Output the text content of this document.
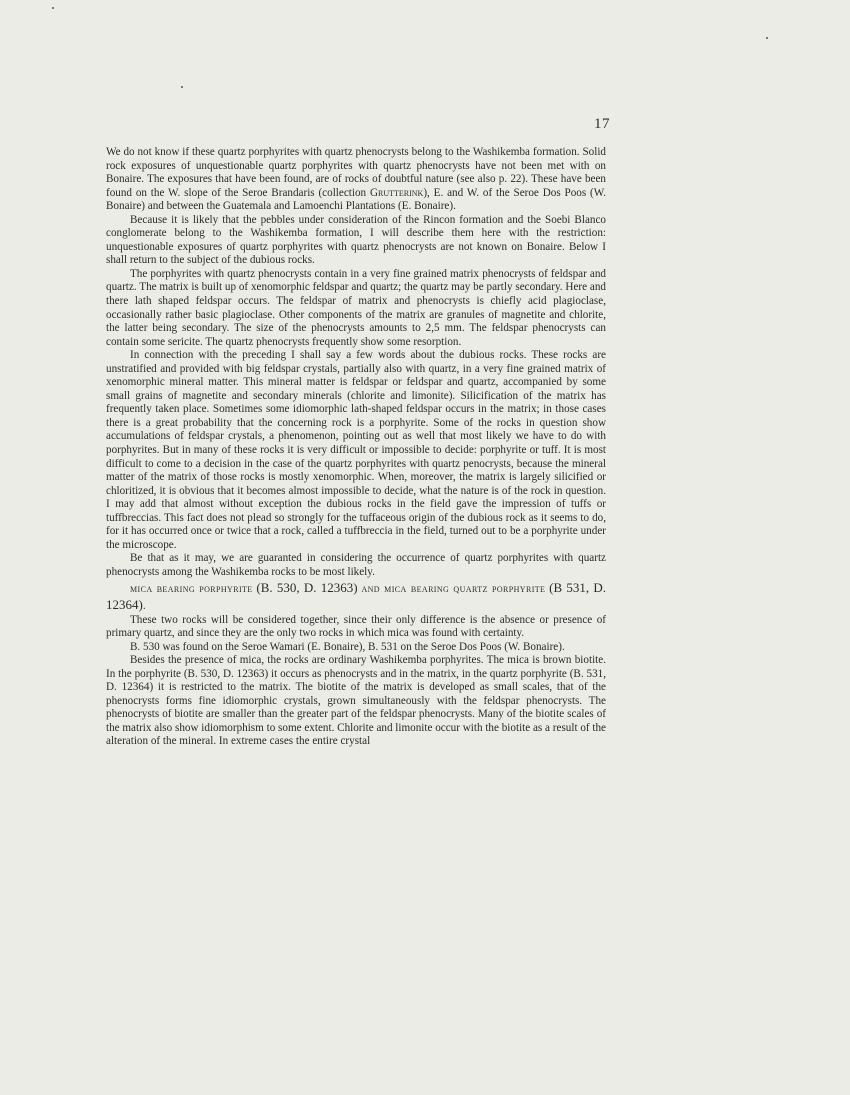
17

We do not know if these quartz porphyrites with quartz phenocrysts belong to the Washikemba formation. Solid rock exposures of unquestionable quartz porphyrites with quartz phenocrysts have not been met with on Bonaire. The exposures that have been found, are of rocks of doubtful nature (see also p. 22). These have been found on the W. slope of the Seroe Brandaris (collection Grutterink), E. and W. of the Seroe Dos Poos (W. Bonaire) and between the Guatemala and Lamoenchi Plantations (E. Bonaire).

Because it is likely that the pebbles under consideration of the Rincon formation and the Soebi Blanco conglomerate belong to the Washikemba formation, I will describe them here with the restriction: unquestionable exposures of quartz porphyrites with quartz phenocrysts are not known on Bonaire. Below I shall return to the subject of the dubious rocks.

The porphyrites with quartz phenocrysts contain in a very fine grained matrix phenocrysts of feldspar and quartz. The matrix is built up of xenomorphic feldspar and quartz; the quartz may be partly secondary. Here and there lath shaped feldspar occurs. The feldspar of matrix and phenocrysts is chiefly acid plagioclase, occasionally rather basic plagioclase. Other components of the matrix are granules of magnetite and chlorite, the latter being secondary. The size of the phenocrysts amounts to 2,5 mm. The feldspar phenocrysts can contain some sericite. The quartz phenocrysts frequently show some resorption.

In connection with the preceding I shall say a few words about the dubious rocks. These rocks are unstratified and provided with big feldspar crystals, partially also with quartz, in a very fine grained matrix of xenomorphic mineral matter. This mineral matter is feldspar or feldspar and quartz, accompanied by some small grains of magnetite and secondary minerals (chlorite and limonite). Silicification of the matrix has frequently taken place. Sometimes some idiomorphic lath-shaped feldspar occurs in the matrix; in those cases there is a great probability that the concerning rock is a porphyrite. Some of the rocks in question show accumulations of feldspar crystals, a phenomenon, pointing out as well that most likely we have to do with porphyrites. But in many of these rocks it is very difficult or impossible to decide: porphyrite or tuff. It is most difficult to come to a decision in the case of the quartz porphyrites with quartz penocrysts, because the mineral matter of the matrix of those rocks is mostly xenomorphic. When, moreover, the matrix is largely silicified or chloritized, it is obvious that it becomes almost impossible to decide, what the nature is of the rock in question. I may add that almost without exception the dubious rocks in the field gave the impression of tuffs or tuffbreccias. This fact does not plead so strongly for the tuffaceous origin of the dubious rock as it seems to do, for it has occurred once or twice that a rock, called a tuffbreccia in the field, turned out to be a porphyrite under the microscope.

Be that as it may, we are guaranted in considering the occurrence of quartz porphyrites with quartz phenocrysts among the Washikemba rocks to be most likely.

mica bearing porphyrite (B. 530, D. 12363) and mica bearing quartz porphyrite (B 531, D. 12364).

These two rocks will be considered together, since their only difference is the absence or presence of primary quartz, and since they are the only two rocks in which mica was found with certainty.

B. 530 was found on the Seroe Wamari (E. Bonaire), B. 531 on the Seroe Dos Poos (W. Bonaire).

Besides the presence of mica, the rocks are ordinary Washikemba porphyrites. The mica is brown biotite. In the porphyrite (B. 530, D. 12363) it occurs as phenocrysts and in the matrix, in the quartz porphyrite (B. 531, D. 12364) it is restricted to the matrix. The biotite of the matrix is developed as small scales, that of the phenocrysts forms fine idiomorphic crystals, grown simultaneously with the feldspar phenocrysts. The phenocrysts of biotite are smaller than the greater part of the feldspar phenocrysts. Many of the biotite scales of the matrix also show idiomorphism to some extent. Chlorite and limonite occur with the biotite as a result of the alteration of the mineral. In extreme cases the entire crystal
